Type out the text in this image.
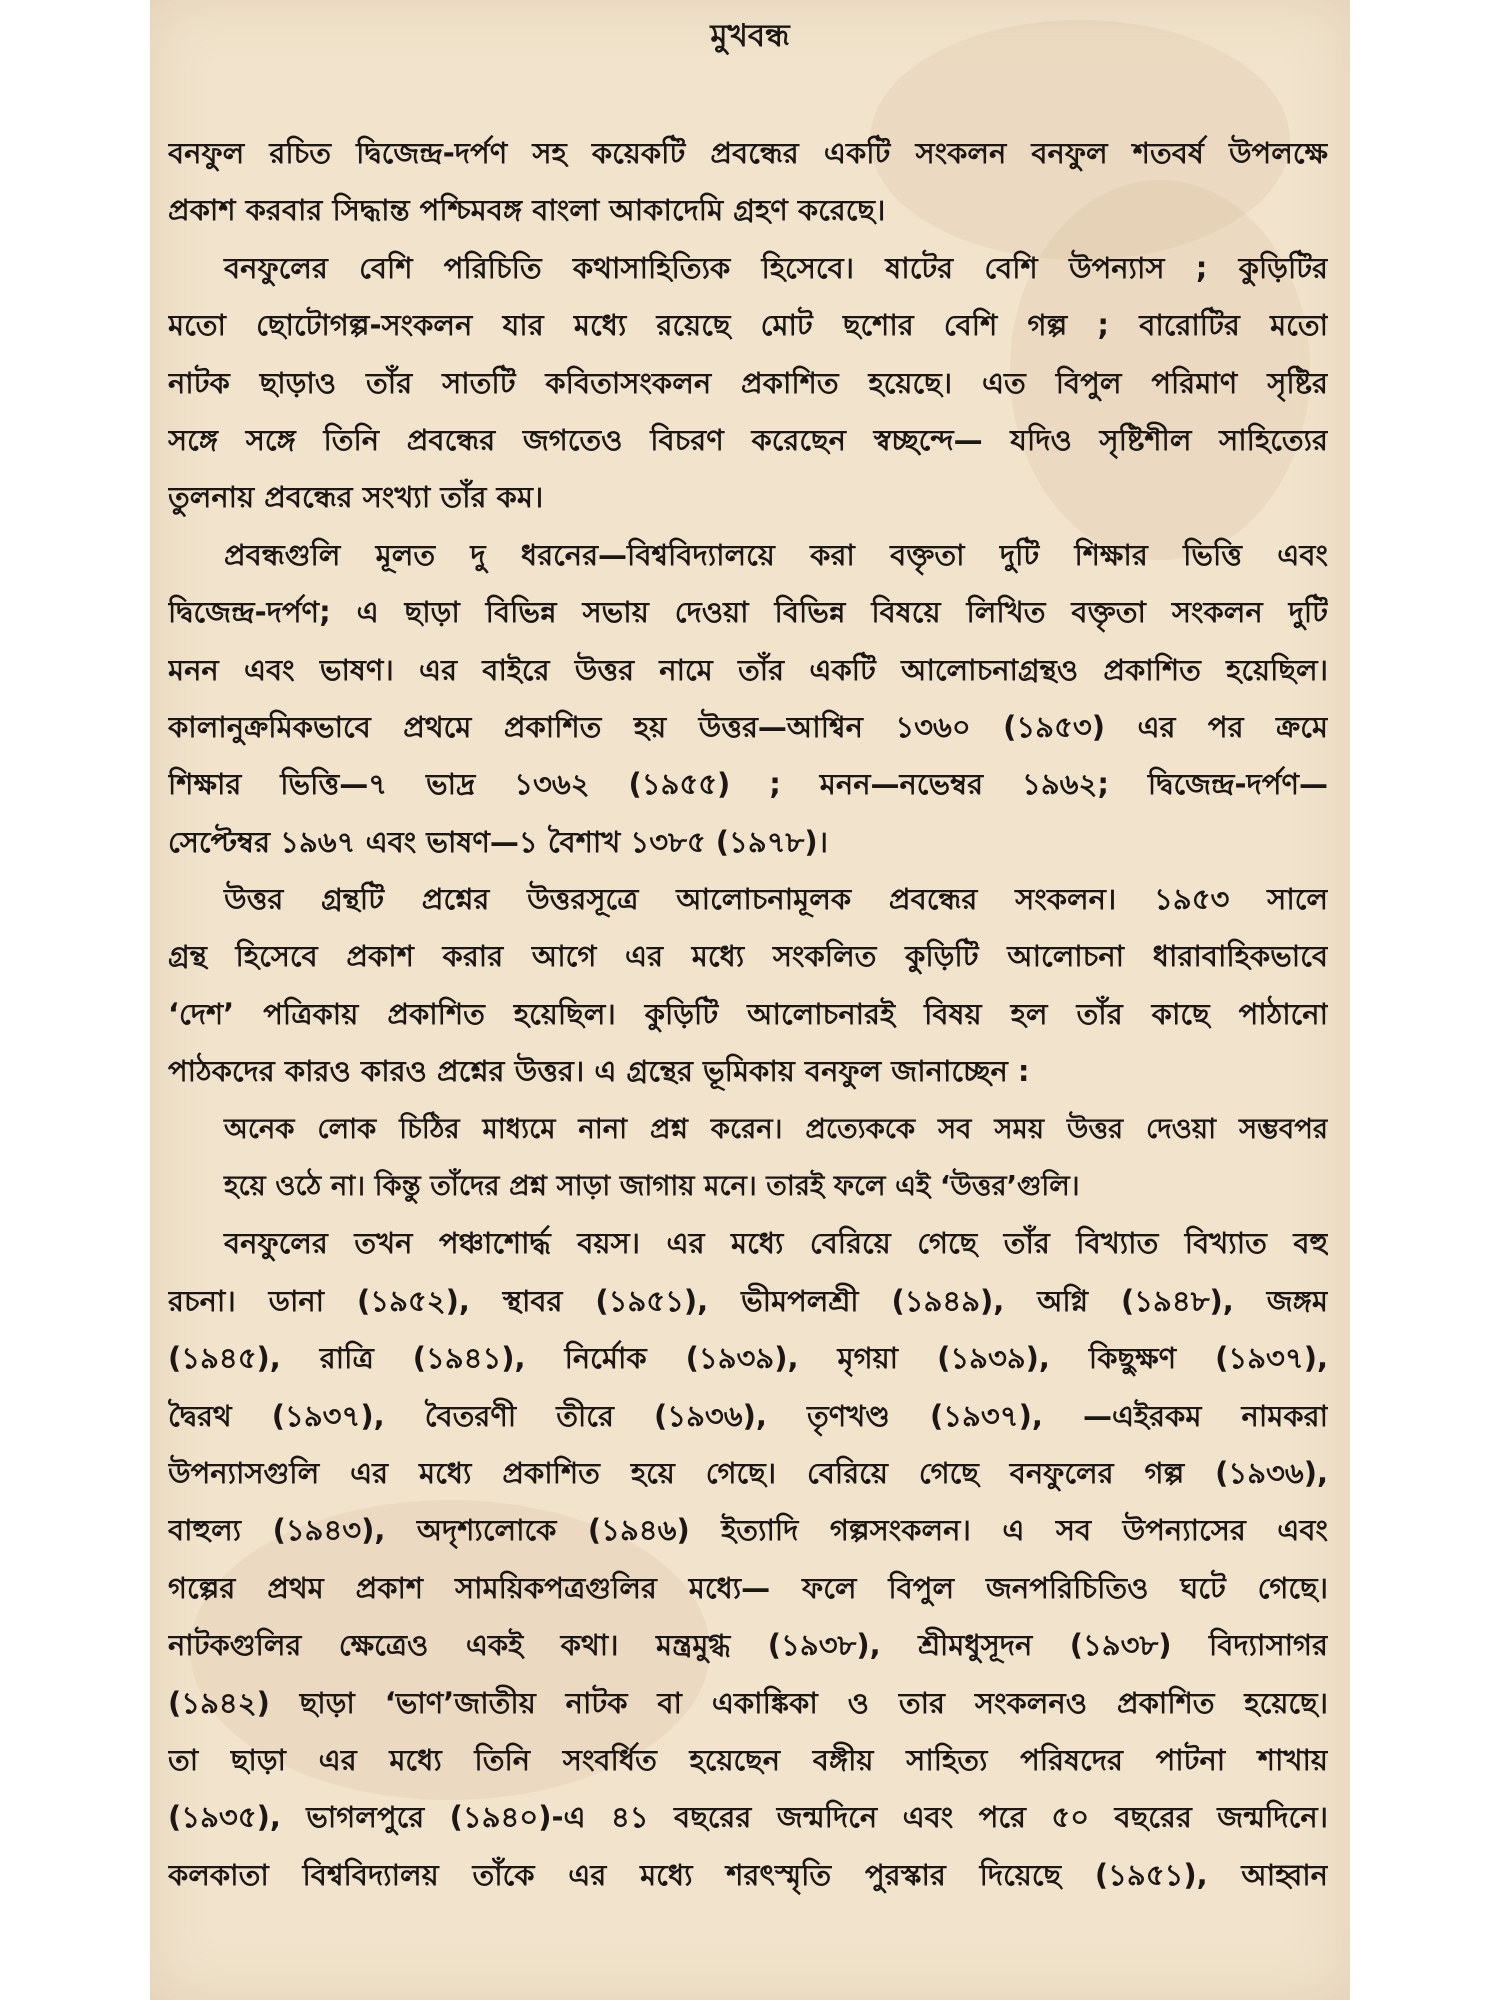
মুখবন্ধ
বনফুল রচিত দ্বিজেন্দ্র-দর্পণ সহ কয়েকটি প্রবন্ধের একটি সংকলন বনফুল শতবর্ষ উপলক্ষে
প্রকাশ করবার সিদ্ধান্ত পশ্চিমবঙ্গ বাংলা আকাদেমি গ্রহণ করেছে।
বনফুলের বেশি পরিচিতি কথাসাহিত্যিক হিসেবে। ষাটের বেশি উপন্যাস ; কুড়িটির
মতো ছোটোগল্প-সংকলন যার মধ্যে রয়েছে মোট ছশোর বেশি গল্প ; বারোটির মতো
নাটক ছাড়াও তাঁর সাতটি কবিতাসংকলন প্রকাশিত হয়েছে। এত বিপুল পরিমাণ সৃষ্টির
সঙ্গে সঙ্গে তিনি প্রবন্ধের জগতেও বিচরণ করেছেন স্বচ্ছন্দে— যদিও সৃষ্টিশীল সাহিত্যের
তুলনায় প্রবন্ধের সংখ্যা তাঁর কম।
প্রবন্ধগুলি মূলত দু ধরনের—বিশ্ববিদ্যালয়ে করা বক্তৃতা দুটি শিক্ষার ভিত্তি এবং
দ্বিজেন্দ্র-দর্পণ; এ ছাড়া বিভিন্ন সভায় দেওয়া বিভিন্ন বিষয়ে লিখিত বক্তৃতা সংকলন দুটি
মনন এবং ভাষণ। এর বাইরে উত্তর নামে তাঁর একটি আলোচনাগ্রন্থও প্রকাশিত হয়েছিল।
কালানুক্রমিকভাবে প্রথমে প্রকাশিত হয় উত্তর—আশ্বিন ১৩৬০ (১৯৫৩) এর পর ক্রমে
শিক্ষার ভিত্তি—৭ ভাদ্র ১৩৬২ (১৯৫৫) ; মনন—নভেম্বর ১৯৬২; দ্বিজেন্দ্র-দর্পণ—
সেপ্টেম্বর ১৯৬৭ এবং ভাষণ—১ বৈশাখ ১৩৮৫ (১৯৭৮)।
উত্তর গ্রন্থটি প্রশ্নের উত্তরসূত্রে আলোচনামূলক প্রবন্ধের সংকলন। ১৯৫৩ সালে
গ্রন্থ হিসেবে প্রকাশ করার আগে এর মধ্যে সংকলিত কুড়িটি আলোচনা ধারাবাহিকভাবে
‘দেশ’ পত্রিকায় প্রকাশিত হয়েছিল। কুড়িটি আলোচনারই বিষয় হল তাঁর কাছে পাঠানো
পাঠকদের কারও কারও প্রশ্নের উত্তর। এ গ্রন্থের ভূমিকায় বনফুল জানাচ্ছেন :
অনেক লোক চিঠির মাধ্যমে নানা প্রশ্ন করেন। প্রত্যেককে সব সময় উত্তর দেওয়া সম্ভবপর
হয়ে ওঠে না। কিন্তু তাঁদের প্রশ্ন সাড়া জাগায় মনে। তারই ফলে এই ‘উত্তর’গুলি।
বনফুলের তখন পঞ্চাশোর্দ্ধ বয়স। এর মধ্যে বেরিয়ে গেছে তাঁর বিখ্যাত বিখ্যাত বহু
রচনা। ডানা (১৯৫২), স্থাবর (১৯৫১), ভীমপলশ্রী (১৯৪৯), অগ্নি (১৯৪৮), জঙ্গম
(১৯৪৫), রাত্রি (১৯৪১), নির্মোক (১৯৩৯), মৃগয়া (১৯৩৯), কিছুক্ষণ (১৯৩৭),
দ্বৈরথ (১৯৩৭), বৈতরণী তীরে (১৯৩৬), তৃণখণ্ড (১৯৩৭), —এইরকম নামকরা
উপন্যাসগুলি এর মধ্যে প্রকাশিত হয়ে গেছে। বেরিয়ে গেছে বনফুলের গল্প (১৯৩৬),
বাহুল্য (১৯৪৩), অদৃশ্যলোকে (১৯৪৬) ইত্যাদি গল্পসংকলন। এ সব উপন্যাসের এবং
গল্পের প্রথম প্রকাশ সাময়িকপত্রগুলির মধ্যে— ফলে বিপুল জনপরিচিতিও ঘটে গেছে।
নাটকগুলির ক্ষেত্রেও একই কথা। মন্ত্রমুগ্ধ (১৯৩৮), শ্রীমধুসূদন (১৯৩৮) বিদ্যাসাগর
(১৯৪২) ছাড়া ‘ভাণ’জাতীয় নাটক বা একাঙ্কিকা ও তার সংকলনও প্রকাশিত হয়েছে।
তা ছাড়া এর মধ্যে তিনি সংবর্ধিত হয়েছেন বঙ্গীয় সাহিত্য পরিষদের পাটনা শাখায়
(১৯৩৫), ভাগলপুরে (১৯৪০)-এ ৪১ বছরের জন্মদিনে এবং পরে ৫০ বছরের জন্মদিনে।
কলকাতা বিশ্ববিদ্যালয় তাঁকে এর মধ্যে শরৎস্মৃতি পুরস্কার দিয়েছে (১৯৫১), আহ্বান
